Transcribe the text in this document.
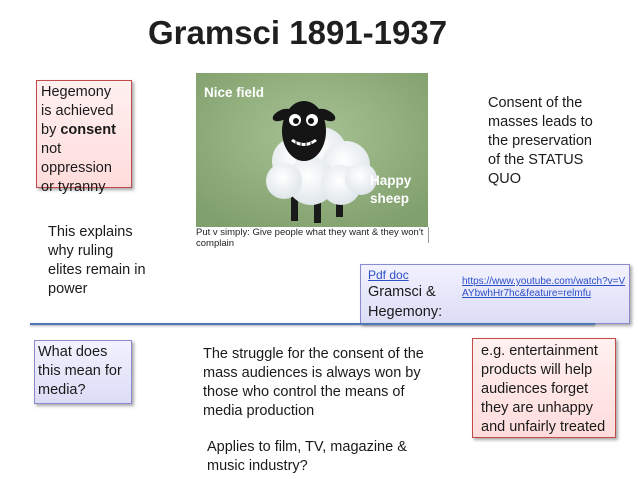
Gramsci 1891-1937
Hegemony
is achieved
by consent
not
oppression
or tyranny
Nice field
Happy
sheep
Put v simply: Give people what they want & they won't complain
This explains why ruling elites remain in power
Consent of the masses leads to the preservation of the STATUS QUO
Pdf doc
Gramsci & Hegemony:
https://www.youtube.com/watch?v=VAYbwhHr7hc&feature=relmfu
What does this mean for media?
The struggle for the consent of the mass audiences is always won by those who control the means of media production
e.g. entertainment products will help audiences forget they are unhappy and unfairly treated
Applies to film, TV, magazine & music industry?
